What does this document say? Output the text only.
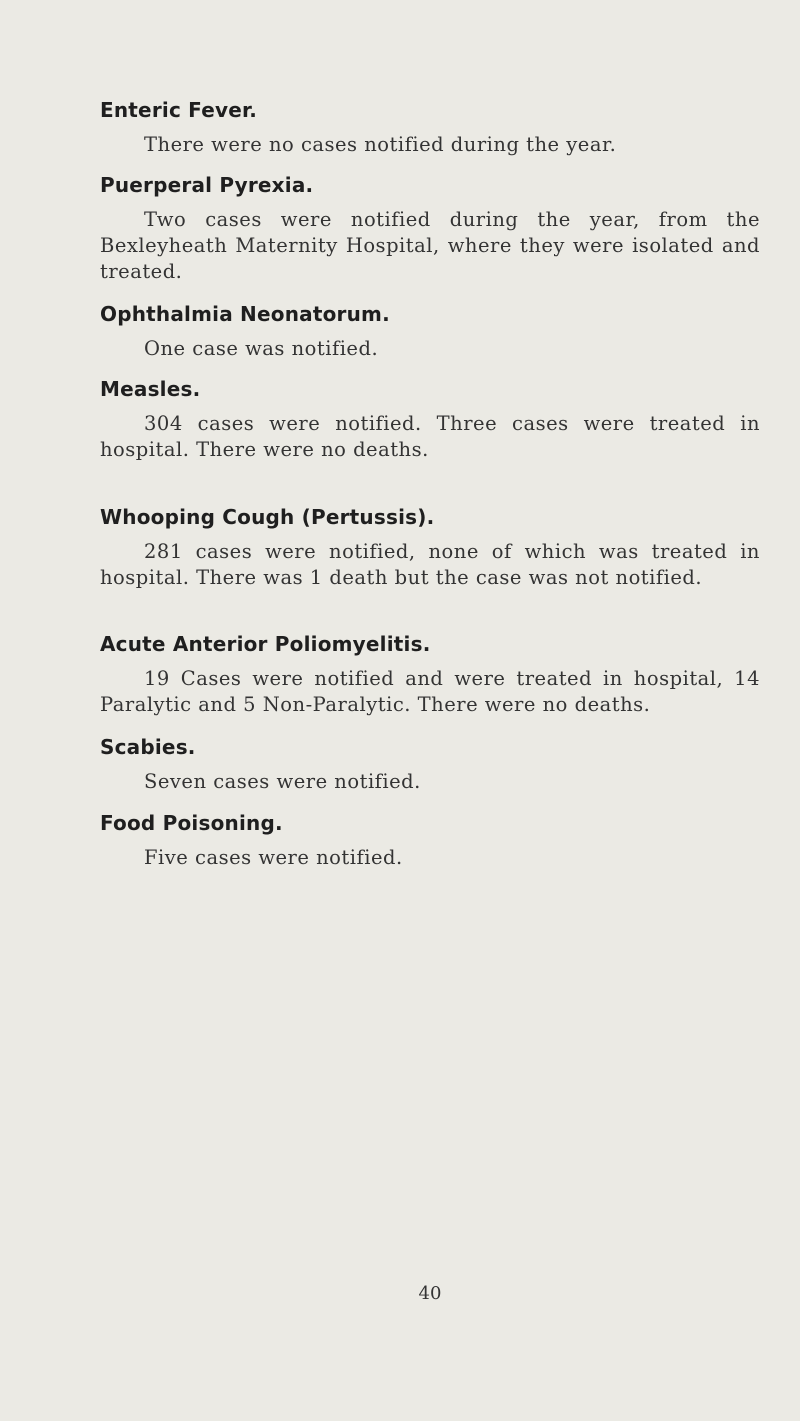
Enteric Fever.

There were no cases notified during the year.

Puerperal Pyrexia.

Two cases were notified during the year, from the Bexleyheath Maternity Hospital, where they were isolated and treated.

Ophthalmia Neonatorum.

One case was notified.

Measles.

304 cases were notified. Three cases were treated in hospital. There were no deaths.

Whooping Cough (Pertussis).

281 cases were notified, none of which was treated in hospital. There was 1 death but the case was not notified.

Acute Anterior Poliomyelitis.

19 Cases were notified and were treated in hospital, 14 Paralytic and 5 Non-Paralytic. There were no deaths.

Scabies.

Seven cases were notified.

Food Poisoning.

Five cases were notified.

40
